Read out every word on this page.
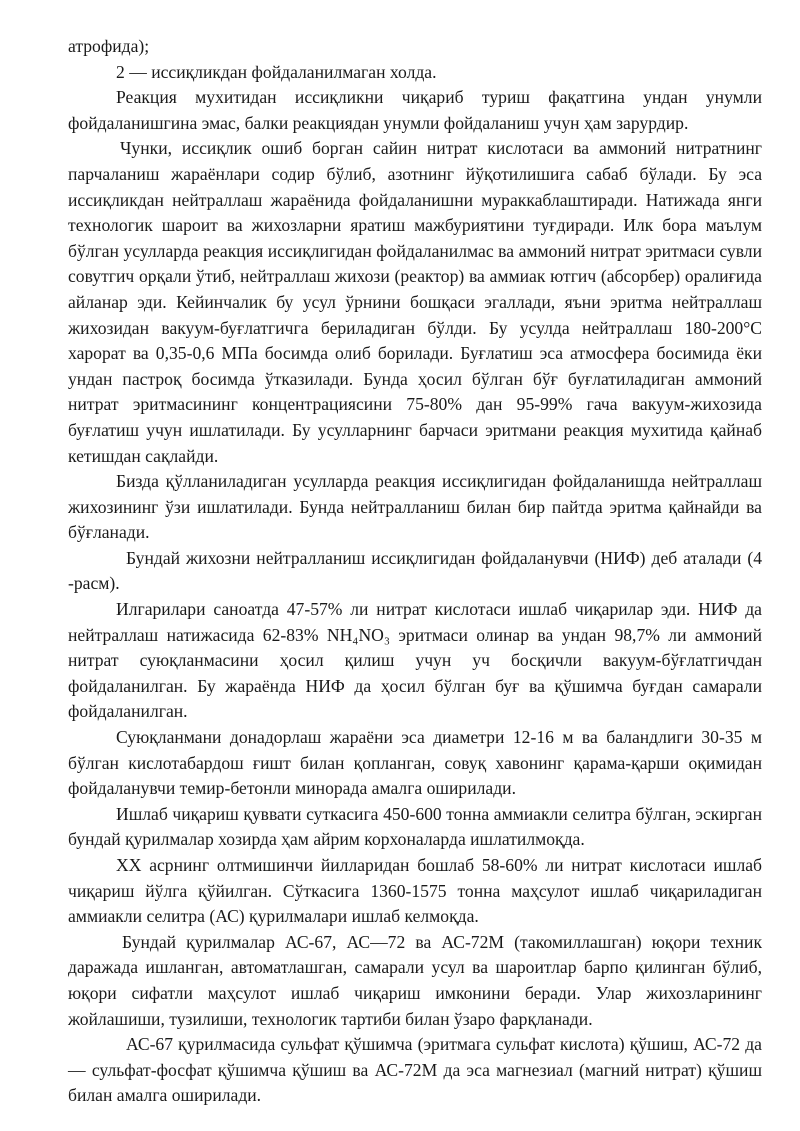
атрофида);

2 — иссиқликдан фойдаланилмаган холда.

Реакция мухитидан иссиқликни чиқариб туриш фақатгина ундан унумли фойдаланишгина эмас, балки реакциядан унумли фойдаланиш учун ҳам зарурдир.

Чунки, иссиқлик ошиб борган сайин нитрат кислотаси ва аммоний нитратнинг парчаланиш жараёнлари содир бўлиб, азотнинг йўқотилишига сабаб бўлади. Бу эса иссиқликдан нейтраллаш жараёнида фойдаланишни мураккаблаштиради. Натижада янги технологик шароит ва жихозларни яратиш мажбуриятини туғдиради. Илк бора маълум бўлган усулларда реакция иссиқлигидан фойдаланилмас ва аммоний нитрат эритмаси сувли совутгич орқали ўтиб, нейтраллаш жихози (реактор) ва аммиак ютгич (абсорбер) оралиғида айланар эди. Кейинчалик бу усул ўрнини бошқаси эгаллади, яъни эритма нейтраллаш жихозидан вакуум-буғлатгичга бериладиган бўлди. Бу усулда нейтраллаш 180-200°С харорат ва 0,35-0,6 МПа босимда олиб борилади. Буғлатиш эса атмосфера босимида ёки ундан пастроқ босимда ўтказилади. Бунда ҳосил бўлган бўғ буғлатиладиган аммоний нитрат эритмасининг концентрациясини 75-80% дан 95-99% гача вакуум-жихозида буғлатиш учун ишлатилади. Бу усулларнинг барчаси эритмани реакция мухитида қайнаб кетишдан сақлайди.

Бизда қўлланиладиган усулларда реакция иссиқлигидан фойдаланишда нейтраллаш жихозининг ўзи ишлатилади. Бунда нейтралланиш билан бир пайтда эритма қайнайди ва бўғланади.

Бундай жихозни нейтралланиш иссиқлигидан фойдаланувчи (НИФ) деб аталади (4 -расм).

Илгарилари саноатда 47-57% ли нитрат кислотаси ишлаб чиқарилар эди. НИФ да нейтраллаш натижасида 62-83% NH₄NO₃ эритмаси олинар ва ундан 98,7% ли аммоний нитрат суюқланмасини ҳосил қилиш учун уч босқичли вакуум-бўғлатгичдан фойдаланилган. Бу жараёнда НИФ да ҳосил бўлган буғ ва қўшимча буғдан самарали фойдаланилган.

Суюқланмани донадорлаш жараёни эса диаметри 12-16 м ва баландлиги 30-35 м бўлган кислотабардош ғишт билан қопланган, совуқ хавонинг қарама-қарши оқимидан фойдаланувчи темир-бетонли минорада амалга оширилади.

Ишлаб чиқариш қуввати суткасига 450-600 тонна аммиакли селитра бўлган, эскирган бундай қурилмалар хозирда ҳам айрим корхоналарда ишлатилмоқда.

XX асрнинг олтмишинчи йилларидан бошлаб 58-60% ли нитрат кислотаси ишлаб чиқариш йўлга қўйилган. Сўткасига 1360-1575 тонна маҳсулот ишлаб чиқариладиган аммиакли селитра (АС) қурилмалари ишлаб келмоқда.

Бундай қурилмалар АС-67, АС—72 ва АС-72М (такомиллашган) юқори техник даражада ишланган, автоматлашган, самарали усул ва шароитлар барпо қилинган бўлиб, юқори сифатли маҳсулот ишлаб чиқариш имконини беради. Улар жихозларининг жойлашиши, тузилиши, технологик тартиби билан ўзаро фарқланади.

АС-67 қурилмасида сульфат қўшимча (эритмага сульфат кислота) қўшиш, АС-72 да — сульфат-фосфат қўшимча қўшиш ва АС-72М да эса магнезиал (магний нитрат) қўшиш билан амалга оширилади.
